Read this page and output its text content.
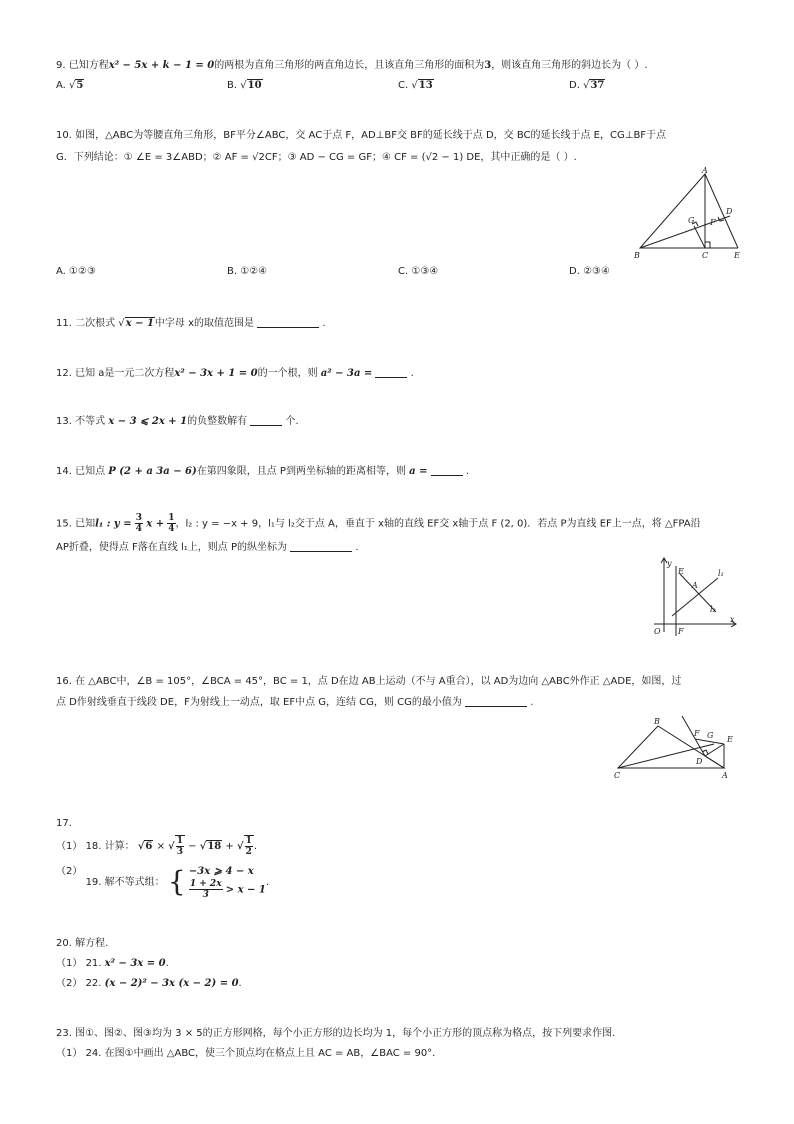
9. 已知方程x² − 5x + k − 1 = 0的两根为直角三角形的两直角边长，且该直角三角形的面积为3，则该直角三角形的斜边长为（ ）.
A. √5	B. √10	C. √13	D. √37
10. 如图，△ABC为等腰直角三角形，BF平分∠ABC，交 AC于点 F，AD⊥BF交 BF的延长线于点 D，交 BC的延长线于点 E，CG⊥BF于点
G．下列结论：① ∠E = 3∠ABD；② AF = √2CF；③ AD − CG = GF；④ CF = (√2 − 1) DE，其中正确的是（ ）.
A
B	C	E
D
F
G
A. ①②③	B. ①②④	C. ①③④	D. ②③④
11. 二次根式 √x − 1中字母 x的取值范围是	.
12. 已知 a是一元二次方程x² − 3x + 1 = 0的一个根，则 a² − 3a =	.
13. 不等式 x − 3 ⩽ 2x + 1的负整数解有	个.
14. 已知点 P (2 + a 3a − 6)在第四象限，且点 P到两坐标轴的距离相等，则 a =	.
15. 已知l₁ : $y = \frac{3}{4}$ $x + \frac{1}{4}$ ，l₂ : y = −x + 9，l₁与 l₂交于点 A，垂直于 x轴的直线 EF交 x轴于点 F (2, 0)．若点 P为直线 EF上一点，将 △FPA沿
AP折叠，使得点 F落在直线 l₁上，则点 P的纵坐标为	.
y
x
O F
E
A
l₁
l₂
16. 在 △ABC中，∠B = 105°，∠BCA = 45°，BC = 1，点 D在边 AB上运动（不与 A重合），以 AD为边向 △ABC外作正 △ADE，如图，过
点 D作射线垂直于线段 DE，F为射线上一动点，取 EF中点 G，连结 CG，则 CG的最小值为	.
B
C	A
D
E
F G
17.
（1） 18. 计算： √6 × √ $\frac{1}{3} - √18$ + √ $\frac{1}{2}$ .
（2） 19. 解不等式组： { −3x ⩾ 4 − x
$\frac{1 + 2x}{3} > x - 1$
.
20. 解方程.
（1） 21. x² − 3x = 0.
（2） 22. (x − 2)² − 3x (x − 2) = 0.
23. 图①、图②、图③均为 3 × 5的正方形网格，每个小正方形的边长均为 1，每个小正方形的顶点称为格点，按下列要求作图.
（1） 24. 在图①中画出 △ABC，使三个顶点均在格点上且 AC = AB，∠BAC = 90°．
